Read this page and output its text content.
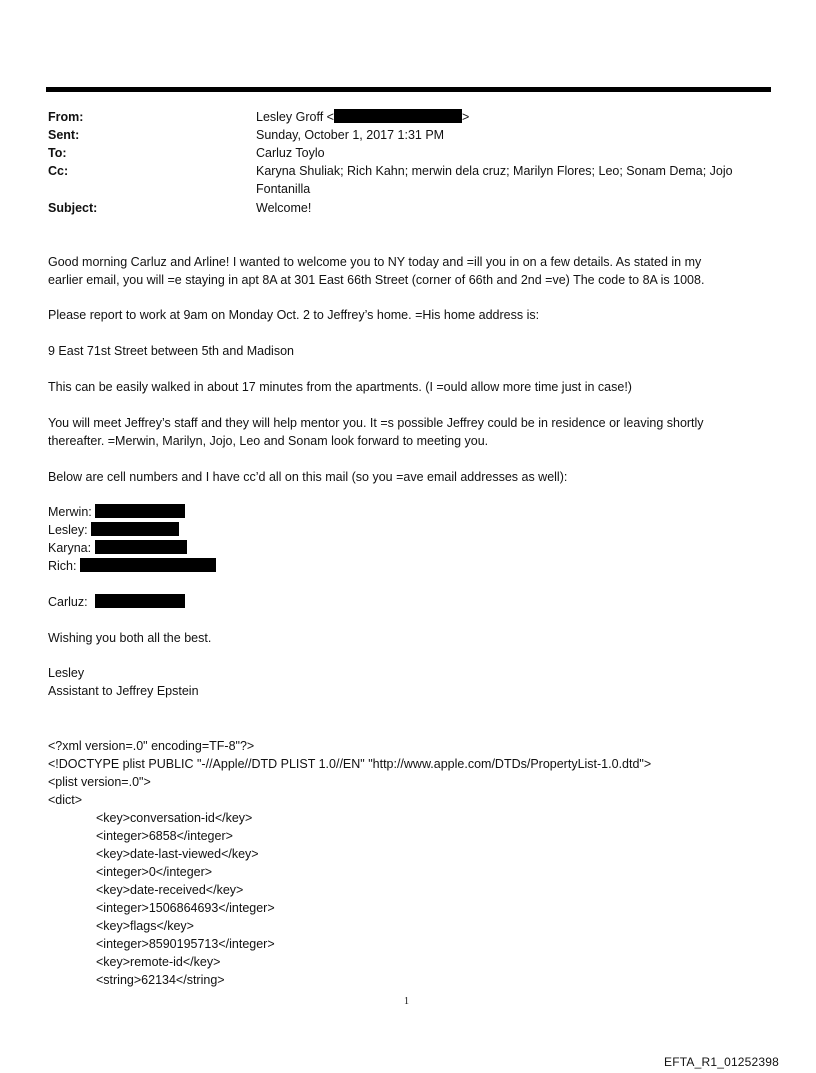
From:	Lesley Groff <	>
Sent:	Sunday, October 1, 2017 1:31 PM
To:	Carluz Toylo
Cc:	Karyna Shuliak; Rich Kahn; merwin dela cruz; Marilyn Flores; Leo; Sonam Dema; Jojo
Fontanilla
Subject:	Welcome!
Good morning Carluz and Arline! I wanted to welcome you to NY today and =ill you in on a few details. As stated in my
earlier email, you will =e staying in apt 8A at 301 East 66th Street (corner of 66th and 2nd =ve) The code to 8A is 1008.
Please report to work at 9am on Monday Oct. 2 to Jeffrey’s home. =His home address is:
9 East 71st Street between 5th and Madison
This can be easily walked in about 17 minutes from the apartments. (I =ould allow more time just in case!)
You will meet Jeffrey’s staff and they will help mentor you. It =s possible Jeffrey could be in residence or leaving shortly
thereafter. =Merwin, Marilyn, Jojo, Leo and Sonam look forward to meeting you.
Below are cell numbers and I have cc’d all on this mail (so you =ave email addresses as well):
Merwin:
Lesley:
Karyna:
Rich:
Carluz:
Wishing you both all the best.
Lesley
Assistant to Jeffrey Epstein
<?xml version=.0" encoding=TF-8"?>
<!DOCTYPE plist PUBLIC "-//Apple//DTD PLIST 1.0//EN" "http://www.apple.com/DTDs/PropertyList-1.0.dtd">
<plist version=.0">
<dict>
<key>conversation-id</key>
<integer>6858</integer>
<key>date-last-viewed</key>
<integer>0</integer>
<key>date-received</key>
<integer>1506864693</integer>
<key>flags</key>
<integer>8590195713</integer>
<key>remote-id</key>
<string>62134</string>
1
EFTA_R1_01252398
